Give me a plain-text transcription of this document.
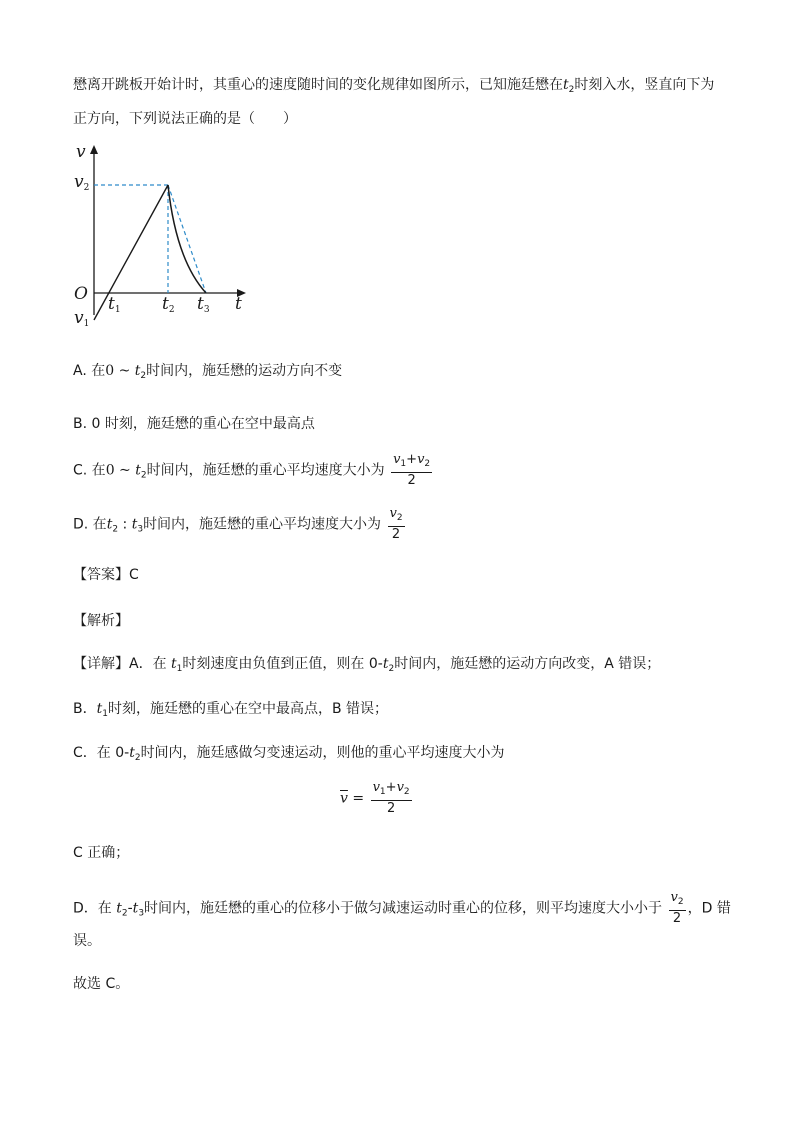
懋离开跳板开始计时，其重心的速度随时间的变化规律如图所示，已知施廷懋在$t_2$时刻入水，竖直向下为
正方向，下列说法正确的是（　　）
v
$v_2$
O
$v_1$
$t_1$ $t_2$ $t_3$ t
A. 在0 ~ $t_2$时间内，施廷懋的运动方向不变
B. 0 时刻，施廷懋的重心在空中最高点
C. 在0 ~ $t_2$时间内，施廷懋的重心平均速度大小为 $\frac{v_1+v_2}{2}$
D. 在$t_2$ : $t_3$时间内，施廷懋的重心平均速度大小为 $\frac{v_2}{2}$
【答案】C
【解析】
【详解】A．在 $t_1$时刻速度由负值到正值，则在 $0-t_2$时间内，施廷懋的运动方向改变，A 错误；
B．$t_1$时刻，施廷懋的重心在空中最高点，B 错误；
C．在 $0-t_2$时间内，施廷感做匀变速运动，则他的重心平均速度大小为
$\overline{v} = \frac{v_1+v_2}{2}$
C 正确；
D．在 $t_2-t_3$时间内，施廷懋的重心的位移小于做匀减速运动时重心的位移，则平均速度大小小于 $\frac{v_2}{2}$ ，D 错
误。
故选 C。
